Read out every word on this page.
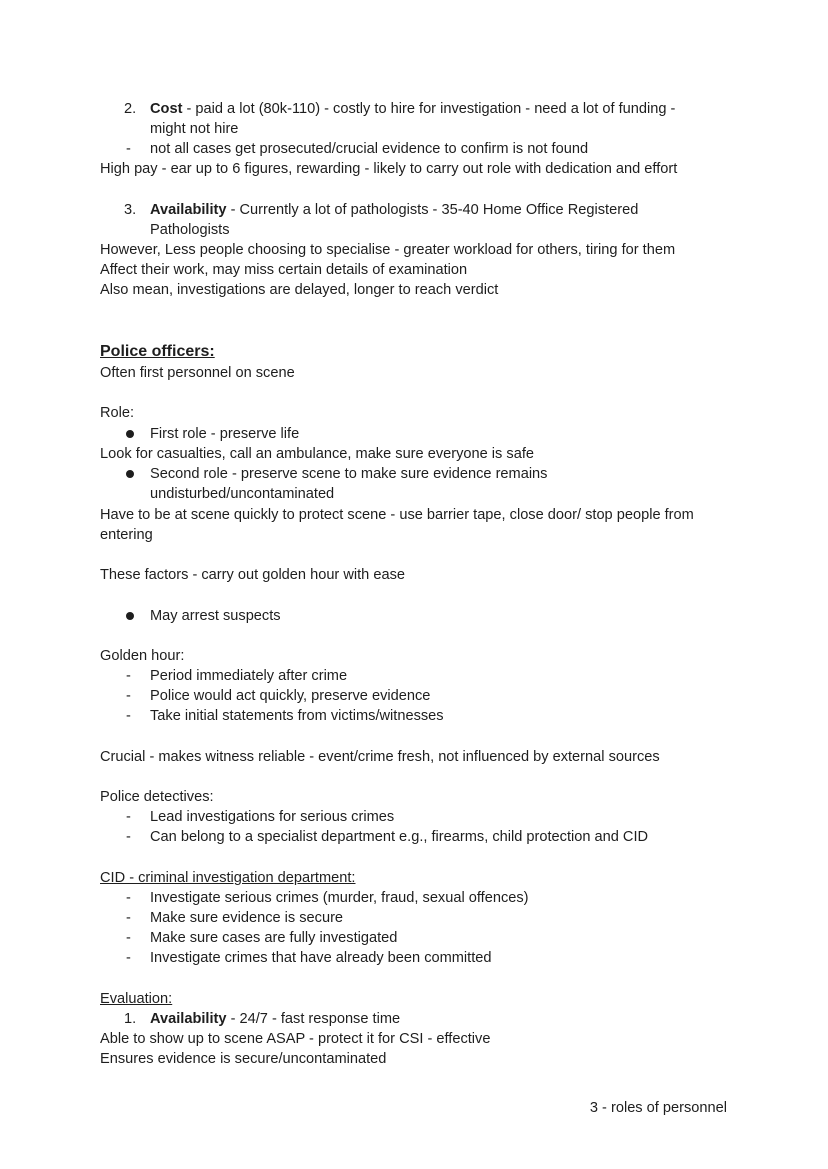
2. Cost - paid a lot (80k-110) - costly to hire for investigation - need a lot of funding -
might not hire
- not all cases get prosecuted/crucial evidence to confirm is not found
High pay - ear up to 6 figures, rewarding - likely to carry out role with dedication and effort
3. Availability - Currently a lot of pathologists - 35-40 Home Office Registered
Pathologists
However, Less people choosing to specialise - greater workload for others, tiring for them
Affect their work, may miss certain details of examination
Also mean, investigations are delayed, longer to reach verdict
Police officers:
Often first personnel on scene
Role:
First role - preserve life
Look for casualties, call an ambulance, make sure everyone is safe
Second role - preserve scene to make sure evidence remains
undisturbed/uncontaminated
Have to be at scene quickly to protect scene - use barrier tape, close door/ stop people from
entering
These factors - carry out golden hour with ease
May arrest suspects
Golden hour:
- Period immediately after crime
- Police would act quickly, preserve evidence
- Take initial statements from victims/witnesses
Crucial - makes witness reliable - event/crime fresh, not influenced by external sources
Police detectives:
- Lead investigations for serious crimes
- Can belong to a specialist department e.g., firearms, child protection and CID
CID - criminal investigation department:
- Investigate serious crimes (murder, fraud, sexual offences)
- Make sure evidence is secure
- Make sure cases are fully investigated
- Investigate crimes that have already been committed
Evaluation:
1. Availability - 24/7 - fast response time
Able to show up to scene ASAP - protect it for CSI - effective
Ensures evidence is secure/uncontaminated
3 - roles of personnel
